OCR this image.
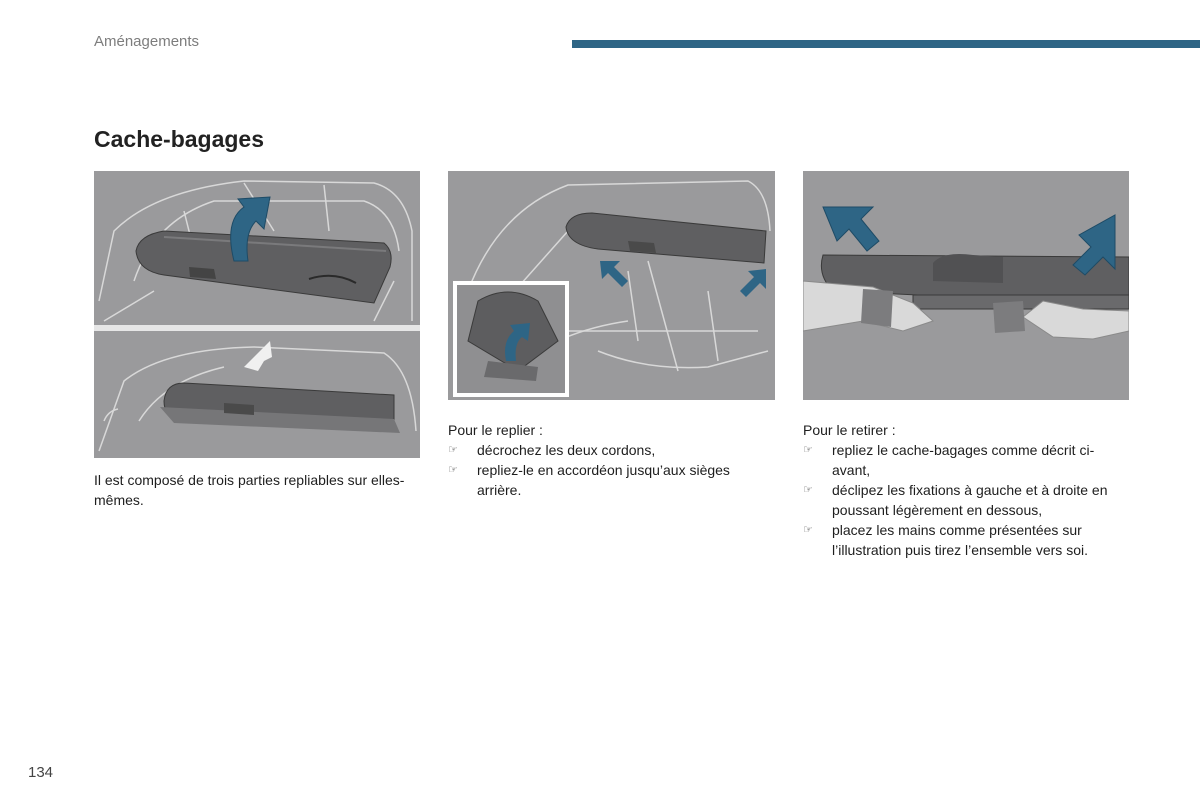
Aménagements
Cache-bagages

Il est composé de trois parties repliables sur elles-mêmes.

Pour le replier :

☞ décrochez les deux cordons,
☞ repliez-le en accordéon jusqu’aux sièges arrière.

Pour le retirer :

☞ repliez le cache-bagages comme décrit ci-avant,
☞ déclipez les fixations à gauche et à droite en poussant légèrement en dessous,
☞ placez les mains comme présentées sur l’illustration puis tirez l’ensemble vers soi.
134
